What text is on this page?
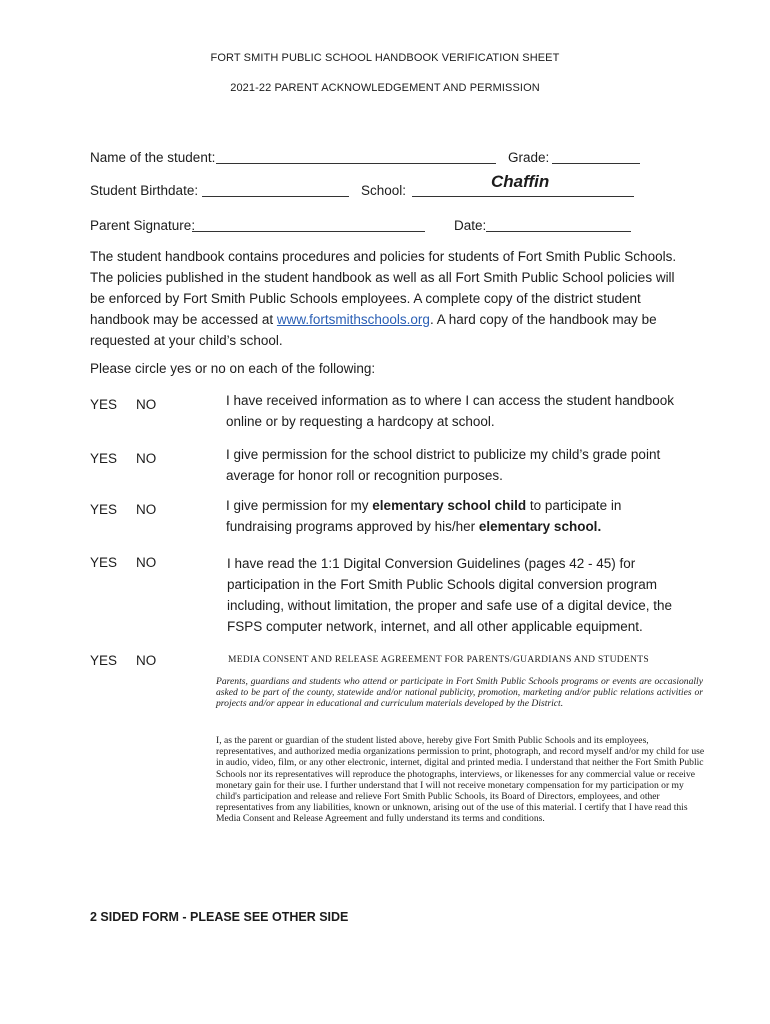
FORT SMITH PUBLIC SCHOOL HANDBOOK VERIFICATION SHEET
2021-22 PARENT ACKNOWLEDGEMENT AND PERMISSION
Name of the student:	Grade:
Student Birthdate:	School:	Chaffin
Parent Signature:	Date:
The student handbook contains procedures and policies for students of Fort Smith Public Schools. The policies published in the student handbook as well as all Fort Smith Public School policies will be enforced by Fort Smith Public Schools employees. A complete copy of the district student handbook may be accessed at www.fortsmithschools.org. A hard copy of the handbook may be requested at your child’s school.
Please circle yes or no on each of the following:
YES NO	I have received information as to where I can access the student handbook online or by requesting a hardcopy at school.
YES NO	I give permission for the school district to publicize my child’s grade point average for honor roll or recognition purposes.
YES NO	I give permission for my elementary school child to participate in fundraising programs approved by his/her elementary school.
YES NO	I have read the 1:1 Digital Conversion Guidelines (pages 42 - 45) for participation in the Fort Smith Public Schools digital conversion program including, without limitation, the proper and safe use of a digital device, the FSPS computer network, internet, and all other applicable equipment.
YES NO	MEDIA CONSENT AND RELEASE AGREEMENT FOR PARENTS/GUARDIANS AND STUDENTS
Parents, guardians and students who attend or participate in Fort Smith Public Schools programs or events are occasionally asked to be part of the county, statewide and/or national publicity, promotion, marketing and/or public relations activities or projects and/or appear in educational and curriculum materials developed by the District.
I, as the parent or guardian of the student listed above, hereby give Fort Smith Public Schools and its employees, representatives, and authorized media organizations permission to print, photograph, and record myself and/or my child for use in audio, video, film, or any other electronic, internet, digital and printed media. I understand that neither the Fort Smith Public Schools nor its representatives will reproduce the photographs, interviews, or likenesses for any commercial value or receive monetary gain for their use. I further understand that I will not receive monetary compensation for my participation or my child's participation and release and relieve Fort Smith Public Schools, its Board of Directors, employees, and other representatives from any liabilities, known or unknown, arising out of the use of this material. I certify that I have read this Media Consent and Release Agreement and fully understand its terms and conditions.
2 SIDED FORM - PLEASE SEE OTHER SIDE
